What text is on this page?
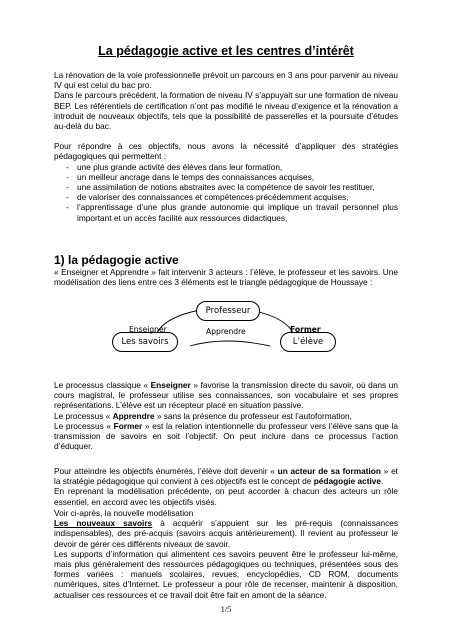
La pédagogie active et les centres d’intérêt

La rénovation de la voie professionnelle prévoit un parcours en 3 ans pour parvenir au niveau IV qui est celui du bac pro.

Dans le parcours précédent, la formation de niveau IV s’appuyait sur une formation de niveau BEP. Les référentiels de certification n’ont pas modifié le niveau d’exigence et la rénovation a introduit de nouveaux objectifs, tels que la possibilité de passerelles et la poursuite d’études au-delà du bac.

Pour répondre à ces objectifs, nous avons la nécessité d’appliquer des stratégies pédagogiques qui permettent :

- une plus grande activité des élèves dans leur formation,
- un meilleur ancrage dans le temps des connaissances acquises,
- une assimilation de notions abstraites avec la compétence de savoir les restituer,
- de valoriser des connaissances et compétences précédemment acquises,
- l’apprentissage d’une plus grande autonomie qui implique un travail personnel plus important et un accès facilité aux ressources didactiques,
1) la pédagogie active

« Enseigner et Apprendre » fait intervenir 3 acteurs : l’élève, le professeur et les savoirs. Une modélisation des liens entre ces 3 éléments est le triangle pédagogique de Houssaye :

Professeur
Les savoirs	L’élève
Enseigner	Former
Apprendre

Le processus classique « Enseigner » favorise la transmission directe du savoir, où dans un cours magistral, le professeur utilise ses connaissances, son vocabulaire et ses propres représentations. L’élève est un récepteur placé en situation passive.

Le processus « Apprendre » sans la présence du professeur est l’autoformation,

Le processus « Former » est la relation intentionnelle du professeur vers l’élève sans que la transmission de savoirs en soit l’objectif. On peut inclure dans ce processus l’action d’éduquer.

Pour atteindre les objectifs énumérés, l’élève doit devenir « un acteur de sa formation » et la stratégie pédagogique qui convient à ces objectifs est le concept de pédagogie active.

En reprenant la modélisation précédente, on peut accorder à chacun des acteurs un rôle essentiel, en accord avec les objectifs visés.

Voir ci-après, la nouvelle modélisation

Les nouveaux savoirs à acquérir s’appuient sur les pré-requis (connaissances indispensables), des pré-acquis (savoirs acquis antérieurement). Il revient au professeur le devoir de gérer ces différents niveaux de savoir.

Les supports d’information qui alimentent ces savoirs peuvent être le professeur lui-même, mais plus généralement des ressources pédagogiques ou techniques, présentées sous des formes variées : manuels scolaires, revues, encyclopédies, CD ROM, documents numériques, sites d’Internet. Le professeur a pour rôle de recenser, maintenir à disposition, actualiser ces ressources et ce travail doit être fait en amont de la séance.

1/5
